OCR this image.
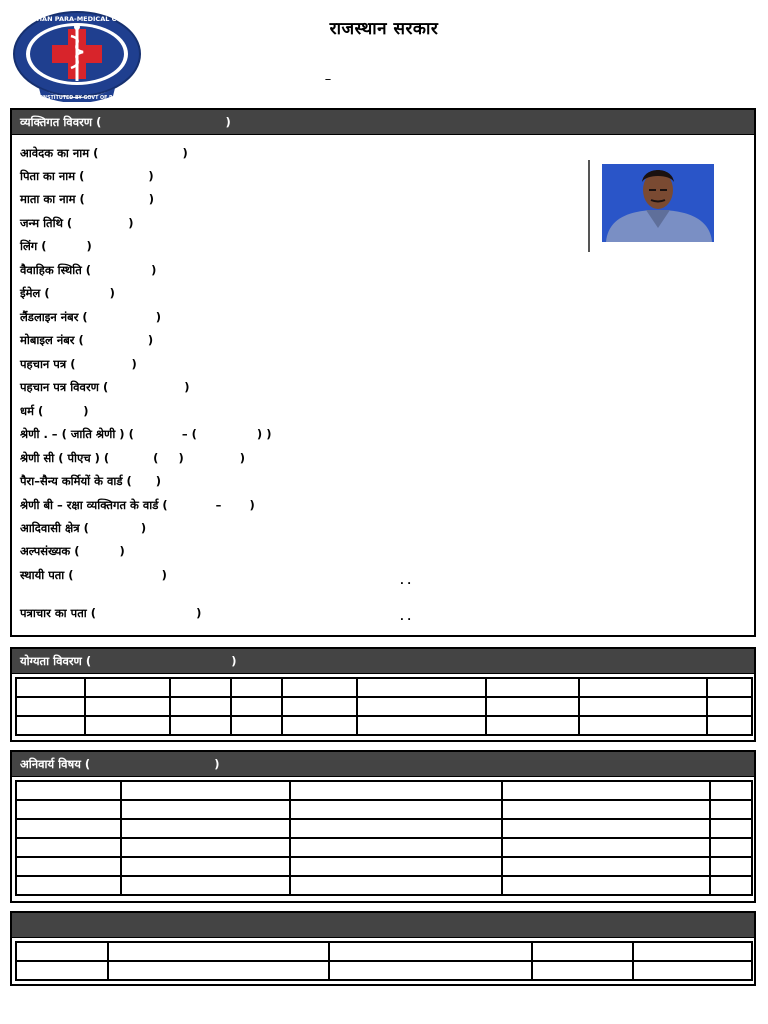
RAJASTHAN PARA-MEDICAL COUNCIL
A BODY CONSTITUTED BY GOVT OF RAJASTHAN
राजस्थान सरकार
–
व्यक्तिगत विवरण (                               )
आवेदक का नाम (                     )
पिता का नाम (                )
माता का नाम (                )
जन्म तिथि (              )
लिंग (          )
वैवाहिक स्थिति (               )
ईमेल (               )
लैंडलाइन नंबर (                 )
मोबाइल नंबर (                )
पहचान पत्र (              )
पहचान पत्र विवरण (                   )
धर्म (          )
श्रेणी . – ( जाति श्रेणी ) (            – (               ) )
श्रेणी सी ( पीएच ) (           (     )              )
पैरा–सैन्य कर्मियों के वार्ड (      )
श्रेणी बी – रक्षा व्यक्तिगत के वार्ड (            –       )
आदिवासी क्षेत्र (             )
अल्पसंख्यक (          )
स्थायी पता (                      )
पत्राचार का पता (                         )
. .
. .
योग्यता विवरण (                                   )

अनिवार्य विषय (                               )
